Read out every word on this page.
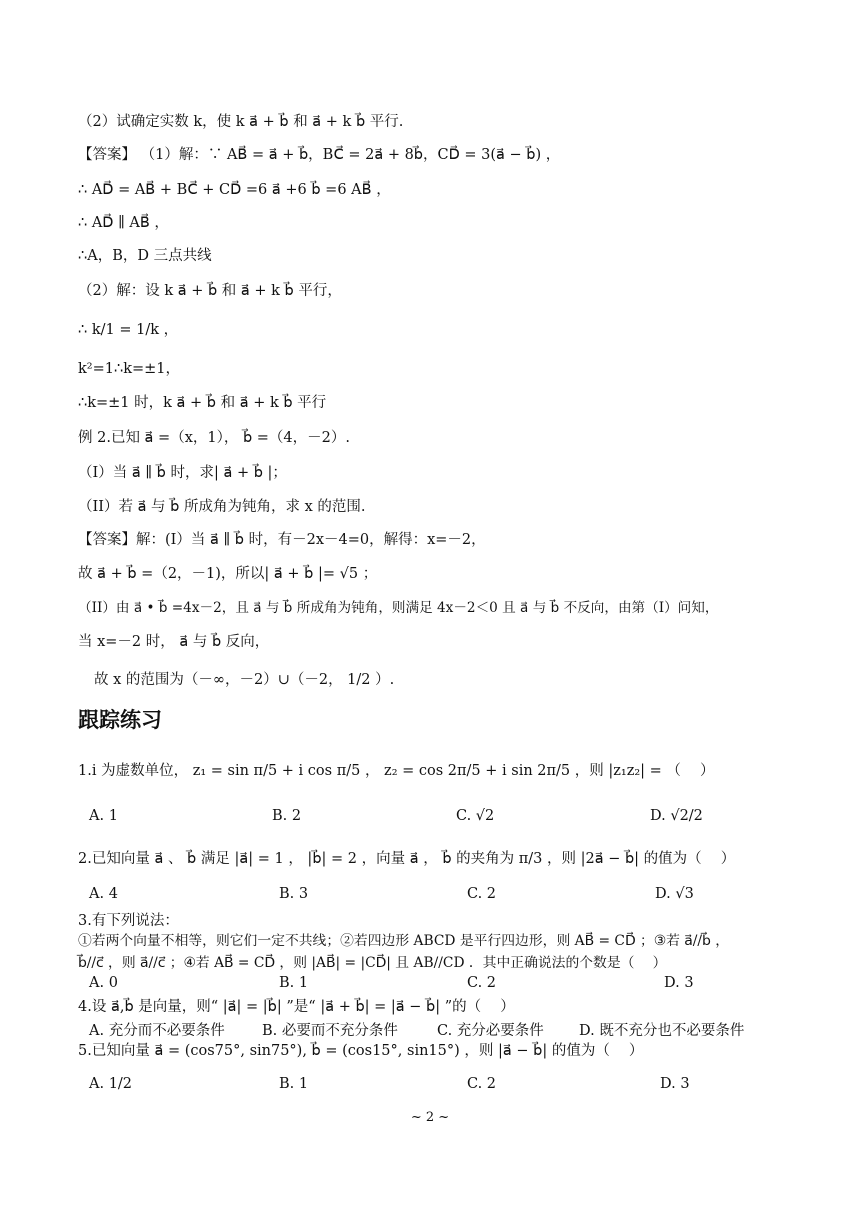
（2）试确定实数 k，使 k a⃗ + b⃗ 和 a⃗ + k b⃗ 平行.
【答案】 （1）解：∵ AB⃗ = a⃗ + b⃗，BC⃗ = 2a⃗ + 8b⃗，CD⃗ = 3(a⃗ − b⃗) ，
∴ AD⃗ = AB⃗ + BC⃗ + CD⃗ =6 a⃗ +6 b⃗ =6 AB⃗ ，
∴ AD⃗ ∥ AB⃗ ，
∴A，B，D 三点共线
（2）解：设 k a⃗ + b⃗ 和 a⃗ + k b⃗ 平行，
∴ k/1 = 1/k ，
k²=1∴k=±1，
∴k=±1 时，k a⃗ + b⃗ 和 a⃗ + k b⃗ 平行
例 2.已知 a⃗ =（x，1）， b⃗ =（4，－2）.
（I）当 a⃗ ∥ b⃗ 时，求| a⃗ + b⃗ |；
（II）若 a⃗ 与 b⃗ 所成角为钝角，求 x 的范围.
【答案】解：(I）当 a⃗ ∥ b⃗ 时，有－2x－4=0，解得：x=－2，
故 a⃗ + b⃗ =（2，－1)，所以| a⃗ + b⃗ |= √5 ；
（II）由 a⃗ • b⃗ =4x－2，且 a⃗ 与 b⃗ 所成角为钝角，则满足 4x－2＜0 且 a⃗ 与 b⃗ 不反向，由第（I）问知，
当 x=－2 时， a⃗ 与 b⃗ 反向，
故 x 的范围为（－∞，－2）∪（－2， 1/2 ）.
跟踪练习
1.i 为虚数单位， z₁ = sin π/5 + i cos π/5 ， z₂ = cos 2π/5 + i sin 2π/5 ，则 |z₁z₂| = （　 ）
A. 1	B. 2	C. √2	D. √2/2
2.已知向量 a⃗ 、 b⃗ 满足 |a⃗| = 1 ， |b⃗| = 2 ，向量 a⃗ ， b⃗ 的夹角为 π/3 ，则 |2a⃗ − b⃗| 的值为（　 ）
A. 4	B. 3	C. 2	D. √3
3.有下列说法：
①若两个向量不相等，则它们一定不共线；②若四边形 ABCD 是平行四边形，则 AB⃗ = CD⃗ ；③若 a⃗//b⃗ ，
b⃗//c⃗ ，则 a⃗//c⃗ ；④若 AB⃗ = CD⃗ ，则 |AB⃗| = |CD⃗| 且 AB//CD ．其中正确说法的个数是（　 ）
A. 0	B. 1	C. 2	D. 3
4.设 a⃗,b⃗ 是向量，则“ |a⃗| = |b⃗| ”是“ |a⃗ + b⃗| = |a⃗ − b⃗| ”的（　 ）
A. 充分而不必要条件	B. 必要而不充分条件	C. 充分必要条件 D. 既不充分也不必要条件
5.已知向量 a⃗ = (cos75°, sin75°), b⃗ = (cos15°, sin15°) ，则 |a⃗ − b⃗| 的值为（　 ）
A. 1/2	B. 1	C. 2	D. 3
~ 2 ~
